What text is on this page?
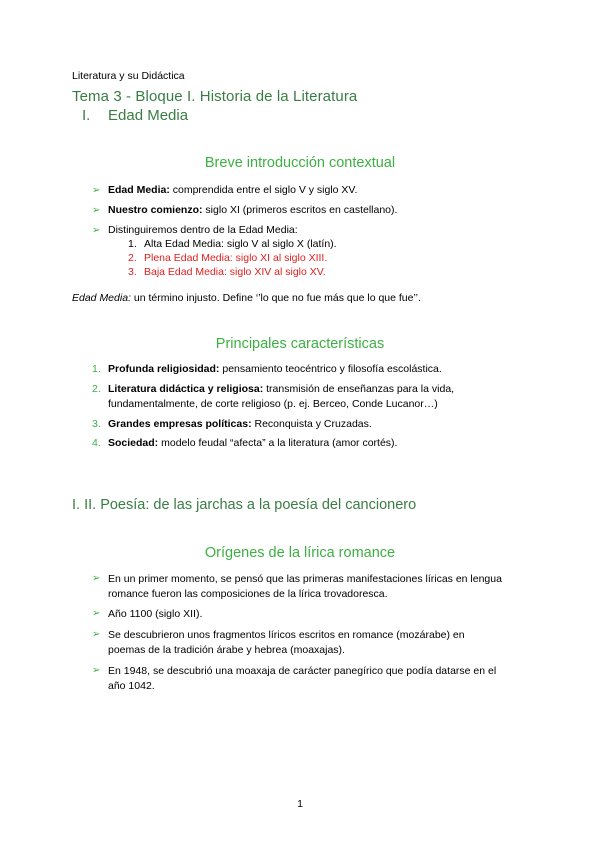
Literatura y su Didáctica
Tema 3 - Bloque I. Historia de la Literatura
I. Edad Media
Breve introducción contextual
➢ Edad Media: comprendida entre el siglo V y siglo XV.
➢ Nuestro comienzo: siglo XI (primeros escritos en castellano).
➢ Distinguiremos dentro de la Edad Media:
1. Alta Edad Media: siglo V al siglo X (latín).
2. Plena Edad Media: siglo XI al siglo XIII.
3. Baja Edad Media: siglo XIV al siglo XV.
Edad Media: un término injusto. Define ‘’lo que no fue más que lo que fue’’.
Principales características
1. Profunda religiosidad: pensamiento teocéntrico y filosofía escolástica.
2. Literatura didáctica y religiosa: transmisión de enseñanzas para la vida,
fundamentalmente, de corte religioso (p. ej. Berceo, Conde Lucanor…)
3. Grandes empresas políticas: Reconquista y Cruzadas.
4. Sociedad: modelo feudal “afecta” a la literatura (amor cortés).
I. II. Poesía: de las jarchas a la poesía del cancionero
Orígenes de la lírica romance
➢ En un primer momento, se pensó que las primeras manifestaciones líricas en lengua
romance fueron las composiciones de la lírica trovadoresca.
➢ Año 1100 (siglo XII).
➢ Se descubrieron unos fragmentos líricos escritos en romance (mozárabe) en
poemas de la tradición árabe y hebrea (moaxajas).
➢ En 1948, se descubrió una moaxaja de carácter panegírico que podía datarse en el
año 1042.
1
